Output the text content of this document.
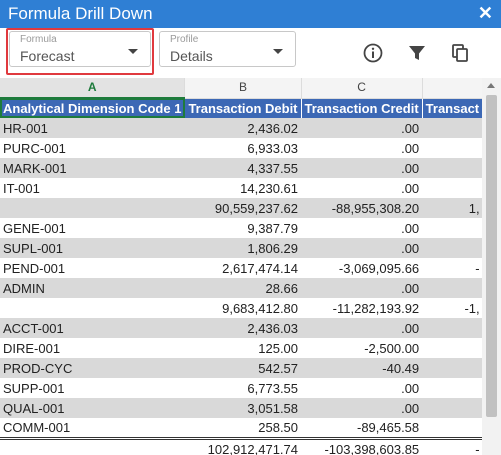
Formula Drill Down	✕
Formula
Forecast
Profile
Details
A	B	C	
Analytical Dimension Code 1	Transaction Debit	Transaction Credit	Transact
HR-001	2,436.02	.00	
PURC-001	6,933.03	.00	
MARK-001	4,337.55	.00	
IT-001	14,230.61	.00	
	90,559,237.62	-88,955,308.20	1,
GENE-001	9,387.79	.00	
SUPL-001	1,806.29	.00	
PEND-001	2,617,474.14	-3,069,095.66	-
ADMIN	28.66	.00	
	9,683,412.80	-11,282,193.92	-1,
ACCT-001	2,436.03	.00	
DIRE-001	125.00	-2,500.00	
PROD-CYC	542.57	-40.49	
SUPP-001	6,773.55	.00	
QUAL-001	3,051.58	.00	
COMM-001	258.50	-89,465.58	
	102,912,471.74	-103,398,603.85	-
